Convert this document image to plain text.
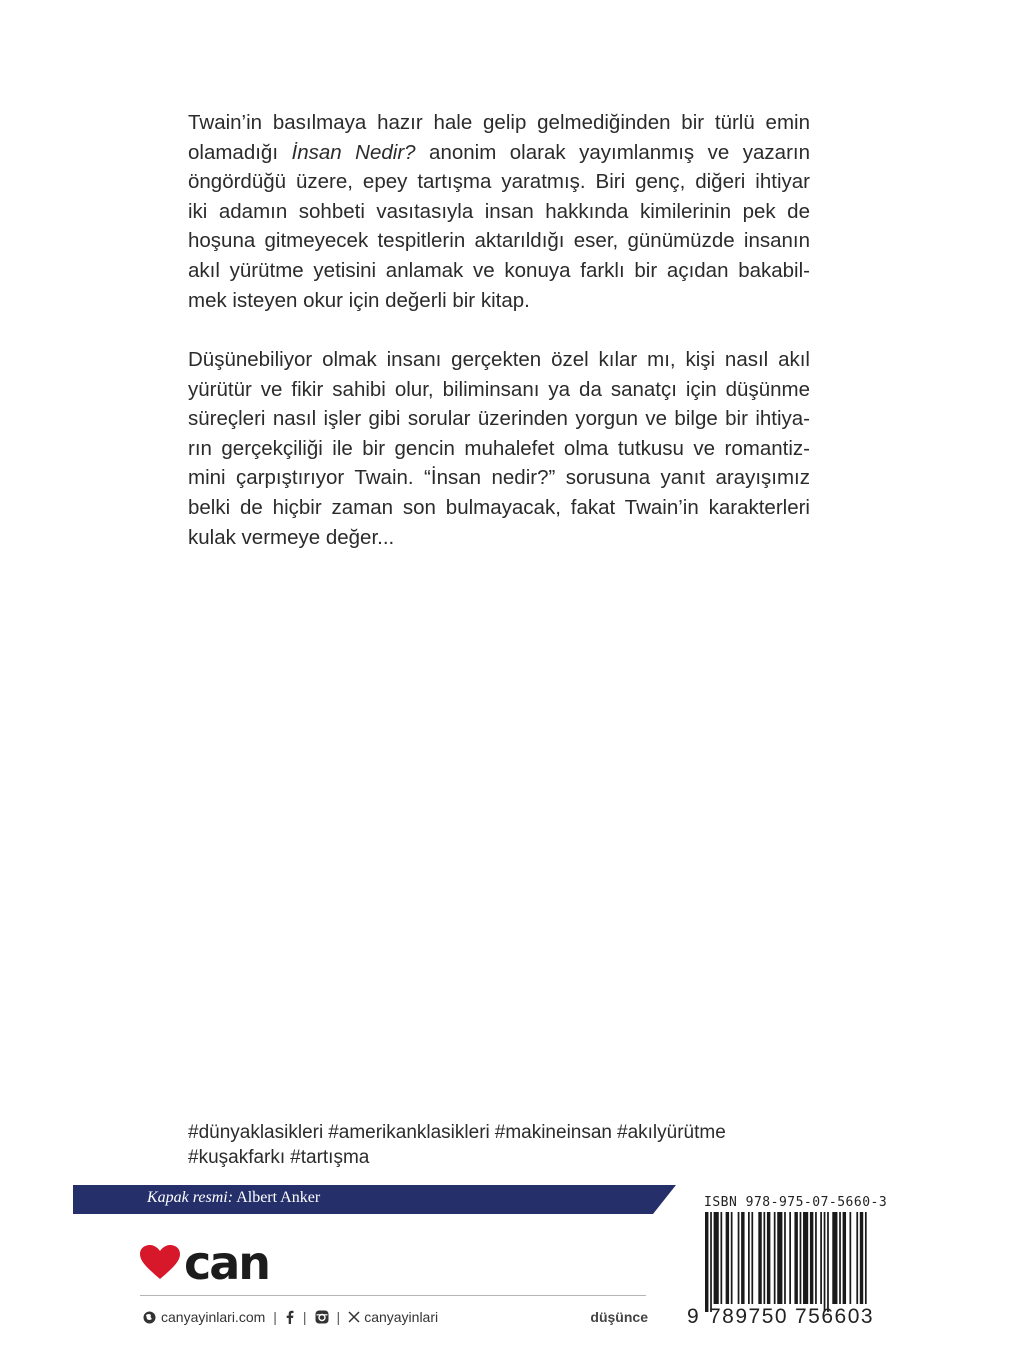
Twain’in basılmaya hazır hale gelip gelmediğinden bir türlü emin
olamadığı İnsan Nedir? anonim olarak yayımlanmış ve yazarın
öngördüğü üzere, epey tartışma yaratmış. Biri genç, diğeri ihtiyar
iki adamın sohbeti vasıtasıyla insan hakkında kimilerinin pek de
hoşuna gitmeyecek tespitlerin aktarıldığı eser, günümüzde insanın
akıl yürütme yetisini anlamak ve konuya farklı bir açıdan bakabil-
mek isteyen okur için değerli bir kitap.
Düşünebiliyor olmak insanı gerçekten özel kılar mı, kişi nasıl akıl
yürütür ve fikir sahibi olur, biliminsanı ya da sanatçı için düşünme
süreçleri nasıl işler gibi sorular üzerinden yorgun ve bilge bir ihtiya-
rın gerçekçiliği ile bir gencin muhalefet olma tutkusu ve romantiz-
mini çarpıştırıyor Twain. “İnsan nedir?” sorusuna yanıt arayışımız
belki de hiçbir zaman son bulmayacak, fakat Twain’in karakterleri
kulak vermeye değer...
#dünyaklasikleri #amerikanklasikleri #makineinsan #akılyürütme
#kuşakfarkı #tartışma
Kapak resmi: Albert Anker
can
canyayinlari.com | | | canyayinlari	düşünce
ISBN 978-975-07-5660-3
9 789750 756603
